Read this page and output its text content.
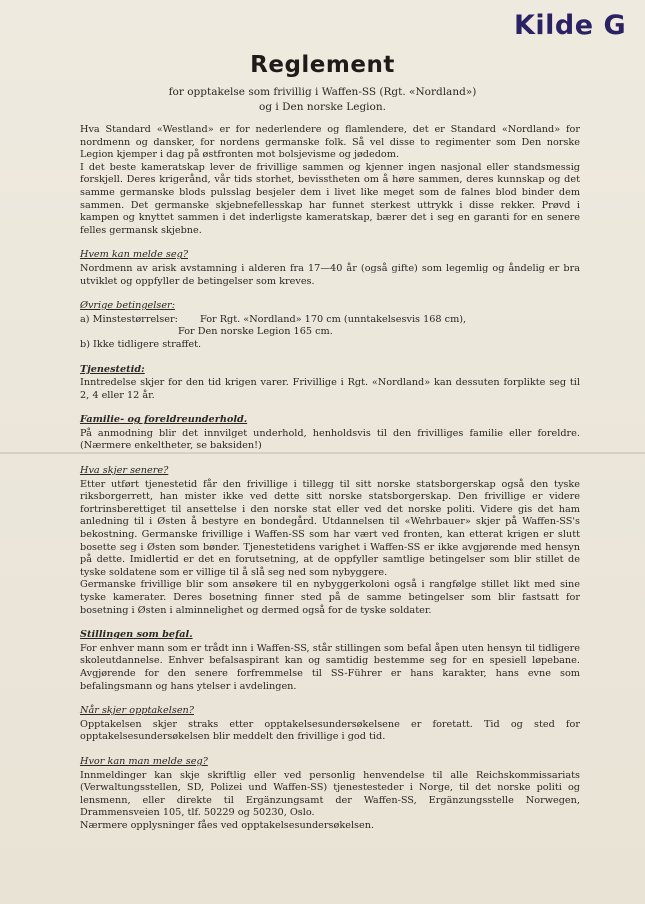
Kilde G
Reglement
for opptakelse som frivillig i Waffen-SS (Rgt. «Nordland»)
og i Den norske Legion.

Hva Standard «Westland» er for nederlendere og flamlendere, det er Standard «Nordland» for nordmenn og dansker, for nordens germanske folk. Så vel disse to regimenter som Den norske Legion kjemper i dag på østfronten mot bolsjevisme og jødedom.

I det beste kameratskap lever de frivillige sammen og kjenner ingen nasjonal eller standsmessig forskjell. Deres krigerånd, vår tids storhet, bevisstheten om å høre sammen, deres kunnskap og det samme germanske blods pulsslag besjeler dem i livet like meget som de falnes blod binder dem sammen. Det germanske skjebnefellesskap har funnet sterkest uttrykk i disse rekker. Prøvd i kampen og knyttet sammen i det inderligste kameratskap, bærer det i seg en garanti for en senere felles germansk skjebne.

Hvem kan melde seg?

Nordmenn av arisk avstamning i alderen fra 17—40 år (også gifte) som legemlig og åndelig er bra utviklet og oppfyller de betingelser som kreves.

Øvrige betingelser:
a) Minstestørrelser:	For Rgt. «Nordland» 170 cm (unntakelsesvis 168 cm),
For Den norske Legion 165 cm.
b) Ikke tidligere straffet.
Tjenestetid:

Inntredelse skjer for den tid krigen varer. Frivillige i Rgt. «Nordland» kan dessuten forplikte seg til 2, 4 eller 12 år.

Familie- og foreldreunderhold.

På anmodning blir det innvilget underhold, henholdsvis til den frivilliges familie eller foreldre. (Nærmere enkeltheter, se baksiden!)

Hva skjer senere?

Etter utført tjenestetid får den frivillige i tillegg til sitt norske statsborgerskap også den tyske riksborgerrett, han mister ikke ved dette sitt norske statsborgerskap. Den frivillige er videre fortrinsberettiget til ansettelse i den norske stat eller ved det norske politi. Videre gis det ham anledning til i Østen å bestyre en bondegård. Utdannelsen til «Wehrbauer» skjer på Waffen-SS's bekostning. Germanske frivillige i Waffen-SS som har vært ved fronten, kan etterat krigen er slutt bosette seg i Østen som bønder. Tjenestetidens varighet i Waffen-SS er ikke avgjørende med hensyn på dette. Imidlertid er det en forutsetning, at de oppfyller samtlige betingelser som blir stillet de tyske soldatene som er villige til å slå seg ned som nybyggere.

Germanske frivillige blir som ansøkere til en nybyggerkoloni også i rangfølge stillet likt med sine tyske kamerater. Deres bosetning finner sted på de samme betingelser som blir fastsatt for bosetning i Østen i alminnelighet og dermed også for de tyske soldater.

Stillingen som befal.

For enhver mann som er trådt inn i Waffen-SS, står stillingen som befal åpen uten hensyn til tidligere skoleutdannelse. Enhver befalsaspirant kan og samtidig bestemme seg for en spesiell løpebane. Avgjørende for den senere forfremmelse til SS-Führer er hans karakter, hans evne som befalingsmann og hans ytelser i avdelingen.

Når skjer opptakelsen?

Opptakelsen skjer straks etter opptakelsesundersøkelsene er foretatt. Tid og sted for opptakelsesundersøkelsen blir meddelt den frivillige i god tid.

Hvor kan man melde seg?

Innmeldinger kan skje skriftlig eller ved personlig henvendelse til alle Reichskommissariats (Verwaltungsstellen, SD, Polizei und Waffen-SS) tjenestesteder i Norge, til det norske politi og lensmenn, eller direkte til Ergänzungsamt der Waffen-SS, Ergänzungsstelle Norwegen, Drammensveien 105, tlf. 50229 og 50230, Oslo.

Nærmere opplysninger fåes ved opptakelsesundersøkelsen.
